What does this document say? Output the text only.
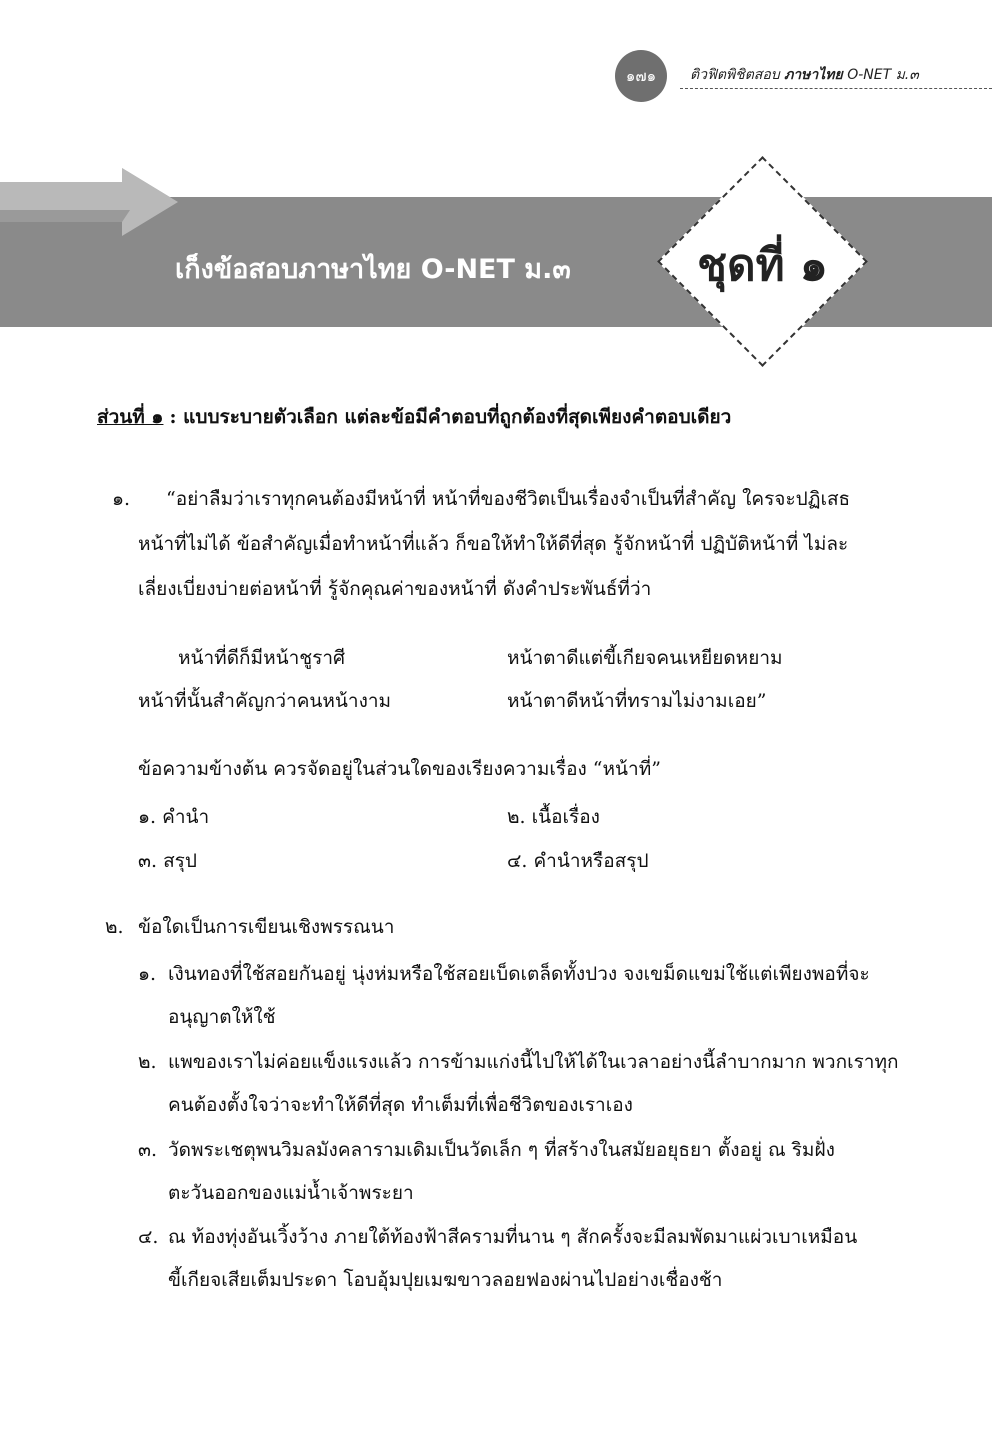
๑๗๑ ติวฟิตพิชิตสอบ ภาษาไทย O-NET ม.๓
เก็งข้อสอบภาษาไทย O-NET ม.๓	ชุดที่ ๑
ส่วนที่ ๑ : แบบระบายตัวเลือก แต่ละข้อมีคำตอบที่ถูกต้องที่สุดเพียงคำตอบเดียว
๑. “อย่าลืมว่าเราทุกคนต้องมีหน้าที่ หน้าที่ของชีวิตเป็นเรื่องจำเป็นที่สำคัญ ใครจะปฏิเสธ
หน้าที่ไม่ได้ ข้อสำคัญเมื่อทำหน้าที่แล้ว ก็ขอให้ทำให้ดีที่สุด รู้จักหน้าที่ ปฏิบัติหน้าที่ ไม่ละ
เลี่ยงเบี่ยงบ่ายต่อหน้าที่ รู้จักคุณค่าของหน้าที่ ดังคำประพันธ์ที่ว่า
หน้าที่ดีก็มีหน้าชูราศี	หน้าตาดีแต่ขี้เกียจคนเหยียดหยาม
หน้าที่นั้นสำคัญกว่าคนหน้างาม	หน้าตาดีหน้าที่ทรามไม่งามเอย”
ข้อความข้างต้น ควรจัดอยู่ในส่วนใดของเรียงความเรื่อง “หน้าที่”
๑. คำนำ	๒. เนื้อเรื่อง
๓. สรุป	๔. คำนำหรือสรุป
๒. ข้อใดเป็นการเขียนเชิงพรรณนา
๑. เงินทองที่ใช้สอยกันอยู่ นุ่งห่มหรือใช้สอยเบ็ดเตล็ดทั้งปวง จงเขม็ดแขม่ใช้แต่เพียงพอที่จะ
อนุญาตให้ใช้
๒. แพของเราไม่ค่อยแข็งแรงแล้ว การข้ามแก่งนี้ไปให้ได้ในเวลาอย่างนี้ลำบากมาก พวกเราทุก
คนต้องตั้งใจว่าจะทำให้ดีที่สุด ทำเต็มที่เพื่อชีวิตของเราเอง
๓. วัดพระเชตุพนวิมลมังคลารามเดิมเป็นวัดเล็ก ๆ ที่สร้างในสมัยอยุธยา ตั้งอยู่ ณ ริมฝั่ง
ตะวันออกของแม่น้ำเจ้าพระยา
๔. ณ ท้องทุ่งอันเวิ้งว้าง ภายใต้ท้องฟ้าสีครามที่นาน ๆ สักครั้งจะมีลมพัดมาแผ่วเบาเหมือน
ขี้เกียจเสียเต็มประดา โอบอุ้มปุยเมฆขาวลอยฟองผ่านไปอย่างเชื่องช้า
